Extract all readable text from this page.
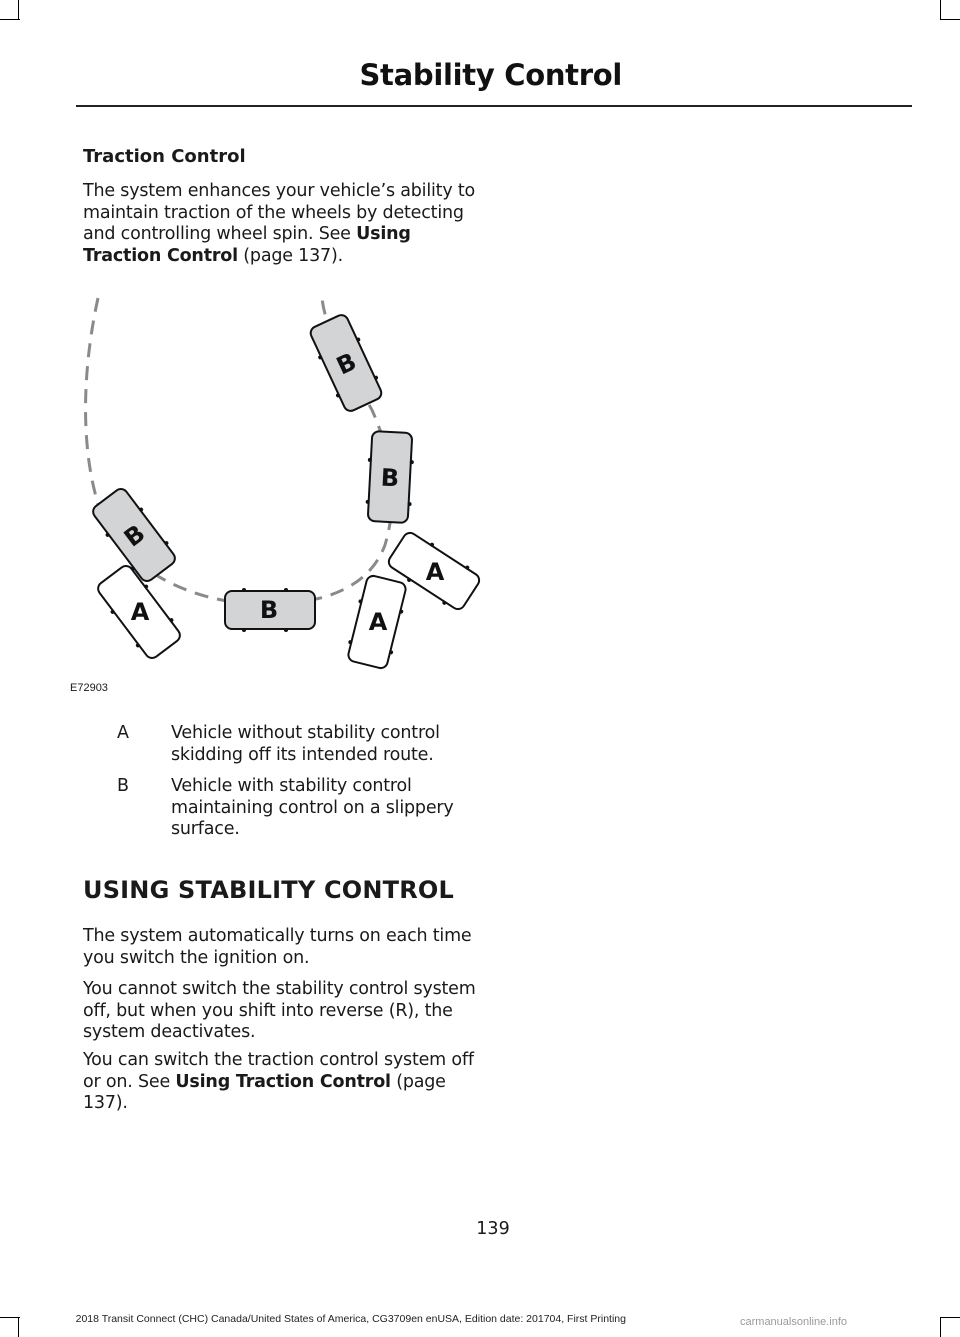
Stability Control
Traction Control
The system enhances your vehicle’s ability to maintain traction of the wheels by detecting and controlling wheel spin. See Using Traction Control (page 137).
B
B
B
B
A	A
A
E72903
A Vehicle without stability control skidding off its intended route.
B Vehicle with stability control maintaining control on a slippery surface.
USING STABILITY CONTROL
The system automatically turns on each time you switch the ignition on.
You cannot switch the stability control system off, but when you shift into reverse (R), the system deactivates.
You can switch the traction control system off or on. See Using Traction Control (page 137).
139
2018 Transit Connect (CHC) Canada/United States of America, CG3709en enUSA, Edition date: 201704, First Printing	carmanualsonline.info
